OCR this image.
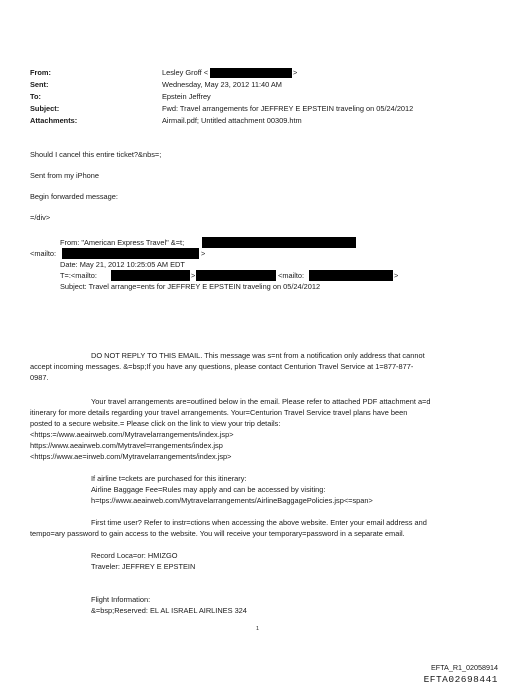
From:	Lesley Groff <	>
Sent:	Wednesday, May 23, 2012 11:40 AM
To:	Epstein Jeffrey
Subject:	Fwd: Travel arrangements for JEFFREY E EPSTEIN traveling on 05/24/2012
Attachments:	Airmail.pdf; Untitled attachment 00309.htm
Should I cancel this entire ticket?&nbs=;
Sent from my iPhone
Begin forwarded message:
=/div>
From: "American Express Travel" &=t;
<mailto:	>
Date: May 21, 2012 10:25:05 AM EDT
T=:<mailto:	>	<mailto:	>
Subject: Travel arrange=ents for JEFFREY E EPSTEIN traveling on 05/24/2012
DO NOT REPLY TO THIS EMAIL. This message was s=nt from a notification only address that cannot
accept incoming messages. &=bsp;If you have any questions, please contact Centurion Travel Service at 1=877-877-
0987.
Your travel arrangements are=outlined below in the email. Please refer to attached PDF attachment a=d
itinerary for more details regarding your travel arrangements. Your=Centurion Travel Service travel plans have been
posted to a secure website.= Please click on the link to view your trip details:
<https:=/www.aeairweb.com/Mytravelarrangements/index.jsp>
https://www.aeairweb.com/Mytravel=rrangements/index.jsp
<https://www.ae=irweb.com/Mytravelarrangements/index.jsp>
If airline t=ckets are purchased for this itinerary:
Airline Baggage Fee=Rules may apply and can be accessed by visiting:
h=tps://www.aeairweb.com/Mytravelarrangements/AirlineBaggagePolicies.jsp<=span>
First time user? Refer to instr=ctions when accessing the above website. Enter your email address and
tempo=ary password to gain access to the website. You will receive your temporary=password in a separate email.
Record Loca=or: HMIZGO
Traveler: JEFFREY E EPSTEIN
Flight Information:
&=bsp;Reserved: EL AL ISRAEL AIRLINES 324
1
EFTA_R1_02058914
EFTA02698441
